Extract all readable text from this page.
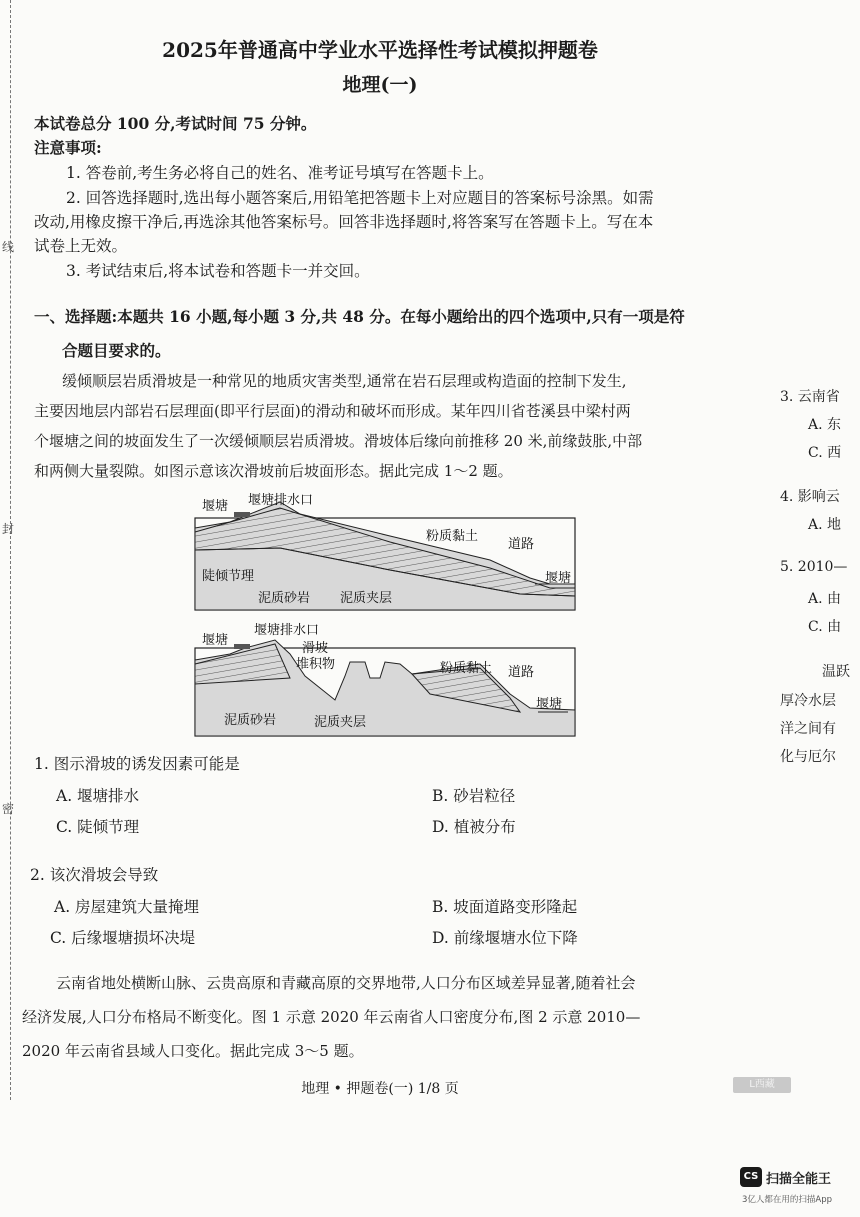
线
封
密
2025年普通高中学业水平选择性考试模拟押题卷
地理(一)
本试卷总分 100 分,考试时间 75 分钟。
注意事项:
1. 答卷前,考生务必将自己的姓名、准考证号填写在答题卡上。
2. 回答选择题时,选出每小题答案后,用铅笔把答题卡上对应题目的答案标号涂黑。如需
改动,用橡皮擦干净后,再选涂其他答案标号。回答非选择题时,将答案写在答题卡上。写在本
试卷上无效。
3. 考试结束后,将本试卷和答题卡一并交回。
一、选择题:本题共 16 小题,每小题 3 分,共 48 分。在每小题给出的四个选项中,只有一项是符
合题目要求的。
缓倾顺层岩质滑坡是一种常见的地质灾害类型,通常在岩石层理或构造面的控制下发生,
主要因地层内部岩石层理面(即平行层面)的滑动和破坏而形成。某年四川省苍溪县中梁村两
个堰塘之间的坡面发生了一次缓倾顺层岩质滑坡。滑坡体后缘向前推移 20 米,前缘鼓胀,中部
和两侧大量裂隙。如图示意该次滑坡前后坡面形态。据此完成 1～2 题。
堰塘 堰塘排水口
粉质黏土
道路
陡倾节理
泥质砂岩 泥质夹层
堰塘
堰塘
堰塘排水口
滑坡
堆积物	粉质黏土 道路
泥质砂岩	泥质夹层
堰塘
1. 图示滑坡的诱发因素可能是
A. 堰塘排水	B. 砂岩粒径
C. 陡倾节理	D. 植被分布
2. 该次滑坡会导致
A. 房屋建筑大量掩埋	B. 坡面道路变形隆起
C. 后缘堰塘损坏决堤	D. 前缘堰塘水位下降
云南省地处横断山脉、云贵高原和青藏高原的交界地带,人口分布区域差异显著,随着社会
经济发展,人口分布格局不断变化。图 1 示意 2020 年云南省人口密度分布,图 2 示意 2010—
2020 年云南省县域人口变化。据此完成 3～5 题。
3. 云南省
A. 东
C. 西
4. 影响云
A. 地
5. 2010—
A. 由
C. 由
温跃
厚冷水层
洋之间有
化与厄尔
地理 • 押题卷(一) 1/8 页	L西藏
CS 扫描全能王
3亿人都在用的扫描App
